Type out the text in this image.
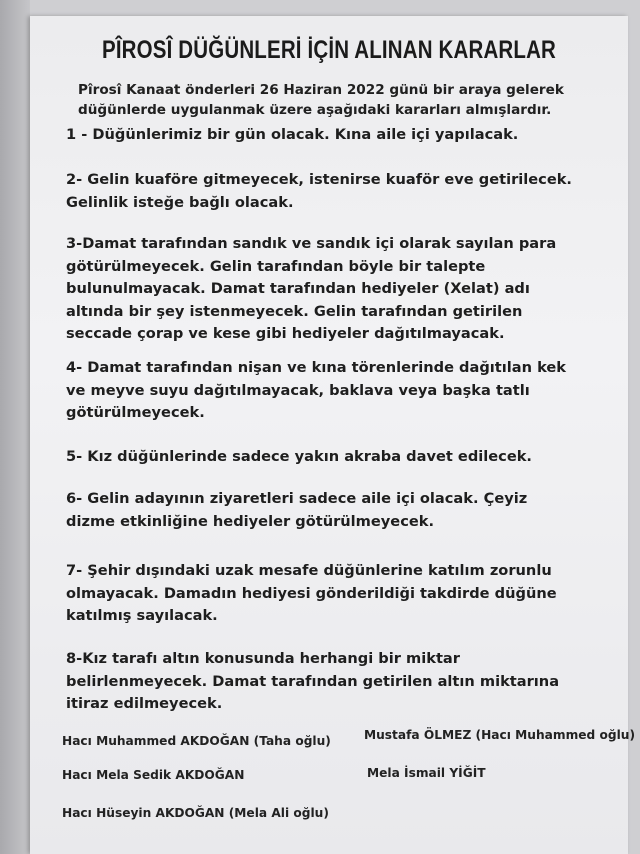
PÎROSÎ DÜĞÜNLERİ İÇİN ALINAN KARARLAR
Pîrosî Kanaat önderleri 26 Haziran 2022 günü bir araya gelerek
düğünlerde uygulanmak üzere aşağıdaki kararları almışlardır.
1 - Düğünlerimiz bir gün olacak. Kına aile içi yapılacak.
2- Gelin kuaföre gitmeyecek, istenirse kuaför eve getirilecek.
Gelinlik isteğe bağlı olacak.
3-Damat tarafından sandık ve sandık içi olarak sayılan para
götürülmeyecek. Gelin tarafından böyle bir talepte
bulunulmayacak. Damat tarafından hediyeler (Xelat) adı
altında bir şey istenmeyecek. Gelin tarafından getirilen
seccade çorap ve kese gibi hediyeler dağıtılmayacak.
4- Damat tarafından nişan ve kına törenlerinde dağıtılan kek
ve meyve suyu dağıtılmayacak, baklava veya başka tatlı
götürülmeyecek.
5- Kız düğünlerinde sadece yakın akraba davet edilecek.
6- Gelin adayının ziyaretleri sadece aile içi olacak. Çeyiz
dizme etkinliğine hediyeler götürülmeyecek.
7- Şehir dışındaki uzak mesafe düğünlerine katılım zorunlu
olmayacak. Damadın hediyesi gönderildiği takdirde düğüne
katılmış sayılacak.
8-Kız tarafı altın konusunda herhangi bir miktar
belirlenmeyecek. Damat tarafından getirilen altın miktarına
itiraz edilmeyecek.
Hacı Muhammed AKDOĞAN (Taha oğlu)
Hacı Mela Sedik AKDOĞAN
Hacı Hüseyin AKDOĞAN (Mela Ali oğlu)
Mustafa ÖLMEZ (Hacı Muhammed oğlu)
Mela İsmail YİĞİT
